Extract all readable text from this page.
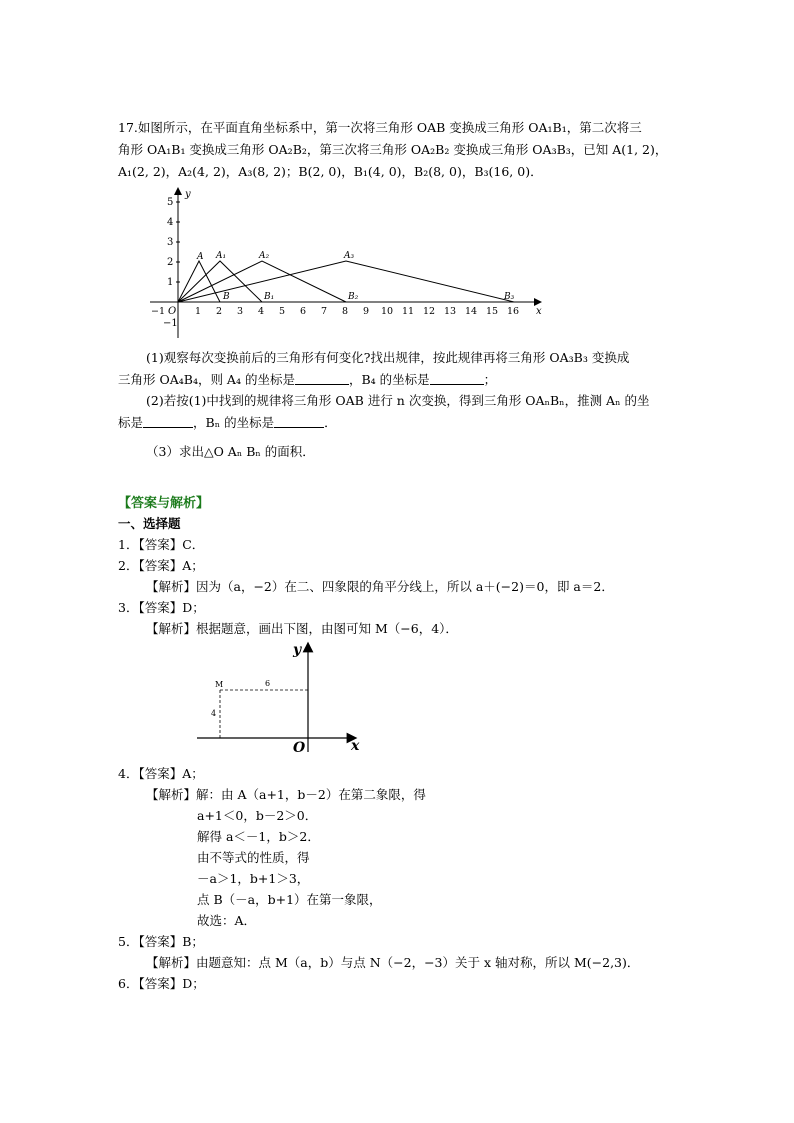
17.如图所示，在平面直角坐标系中，第一次将三角形 OAB 变换成三角形 OA₁B₁，第二次将三
角形 OA₁B₁ 变换成三角形 OA₂B₂，第三次将三角形 OA₂B₂ 变换成三角形 OA₃B₃，已知 A(1, 2)，
A₁(2, 2)，A₂(4, 2)，A₃(8, 2)；B(2, 0)，B₁(4, 0)，B₂(8, 0)，B₃(16, 0)．
y
x
O
5
4
3
2
1
−1
−1	1 2 3 4 5 6 7 8 9 10 11 12 13 14 15 16
A A₁	A₂	A₃
B	B₁	B₂	B₃
(1)观察每次变换前后的三角形有何变化?找出规律，按此规律再将三角形 OA₃B₃ 变换成
三角形 OA₄B₄，则 A₄ 的坐标是	，B₄ 的坐标是	；
(2)若按(1)中找到的规律将三角形 OAB 进行 n 次变换，得到三角形 OAₙBₙ，推测 Aₙ 的坐
标是	，Bₙ 的坐标是	．
（3）求出△O Aₙ Bₙ 的面积．
【答案与解析】
一、选择题
1．【答案】C．
2．【答案】A；
【解析】因为（a，−2）在二、四象限的角平分线上，所以 a＋(−2)＝0，即 a＝2．
3．【答案】D；
【解析】根据题意，画出下图，由图可知 M（−6，4）．
y
x
O
M	6
4
4．【答案】A；
【解析】解：由 A（a+1，b－2）在第二象限，得
a+1＜0，b－2＞0．
解得 a＜－1，b＞2．
由不等式的性质，得
－a＞1，b+1＞3，
点 B（－a，b+1）在第一象限，
故选：A．
5．【答案】B；
【解析】由题意知：点 M（a，b）与点 N（−2，−3）关于 x 轴对称，所以 M(−2,3)．
6．【答案】D；
